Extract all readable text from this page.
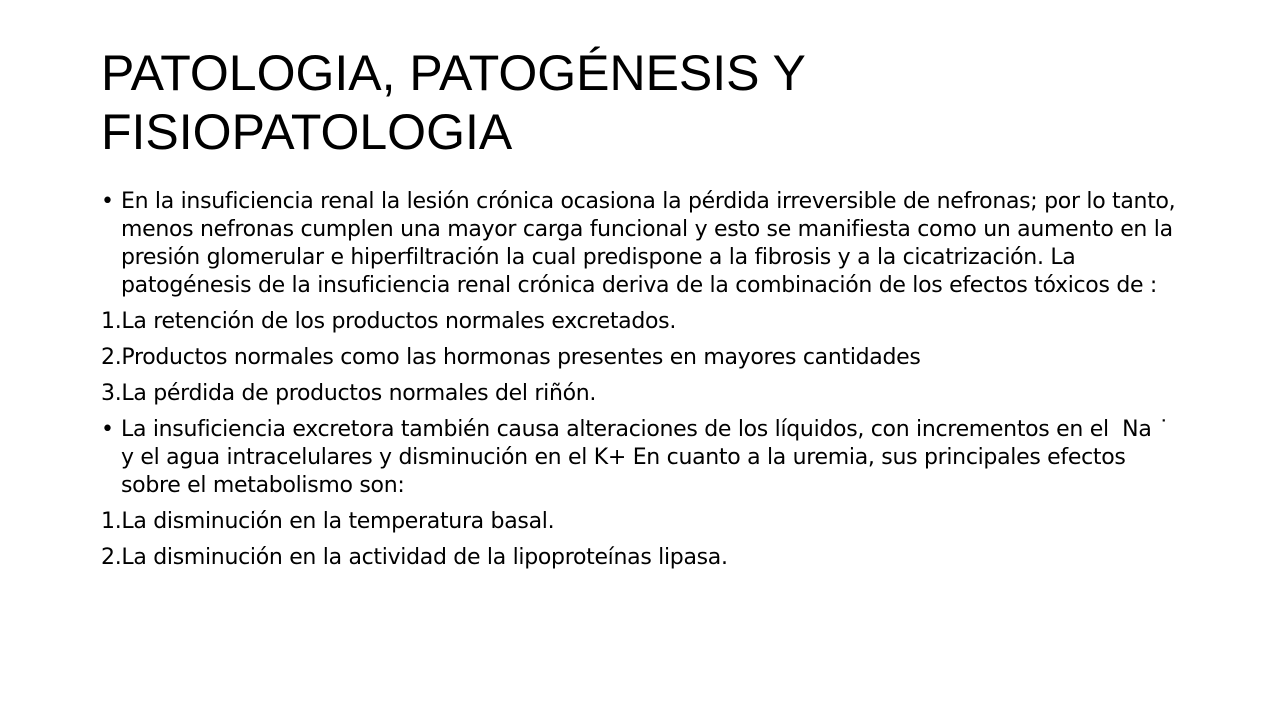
PATOLOGIA, PATOGÉNESIS Y FISIOPATOLOGIA
• En la insuficiencia renal la lesión crónica ocasiona la pérdida irreversible de nefronas; por lo tanto, menos nefronas cumplen una mayor carga funcional y esto se manifiesta como un aumento en la presión glomerular e hiperfiltración la cual predispone a la fibrosis y a la cicatrización. La patogénesis de la insuficiencia renal crónica deriva de la combinación de los efectos tóxicos de :
1.La retención de los productos normales excretados.
2.Productos normales como las hormonas presentes en mayores cantidades
3.La pérdida de productos normales del riñón.
• La insuficiencia excretora también causa alteraciones de los líquidos, con incrementos en el  Na ˙  y el agua intracelulares y disminución en el K+ En cuanto a la uremia, sus principales efectos sobre el metabolismo son:
1.La disminución en la temperatura basal.
2.La disminución en la actividad de la lipoproteínas lipasa.
